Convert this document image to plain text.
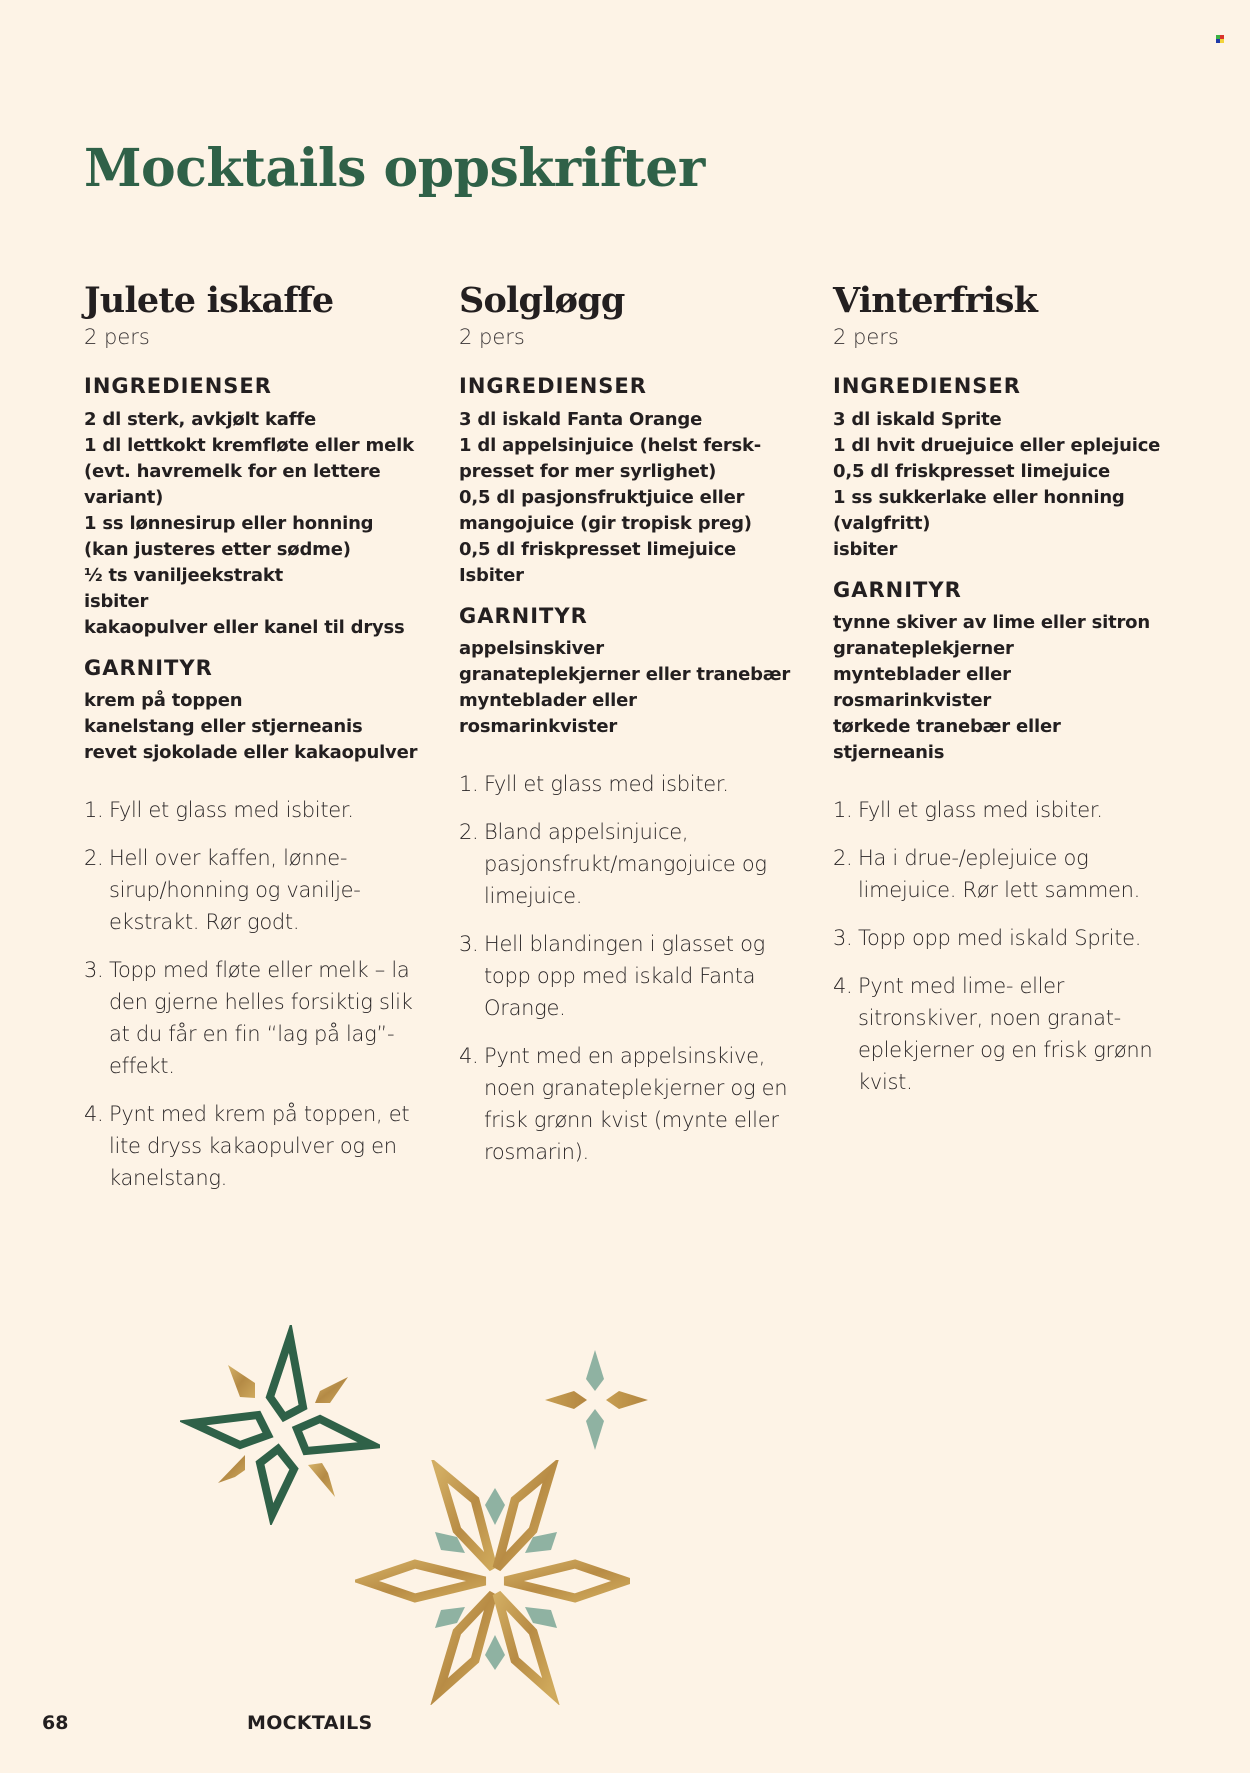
Mocktails oppskrifter
Julete iskaffe
2 pers
INGREDIENSER
2 dl sterk, avkjølt kaffe
1 dl lettkokt kremfløte eller melk
(evt. havremelk for en lettere
variant)
1 ss lønnesirup eller honning
(kan justeres etter sødme)
½ ts vaniljeekstrakt
isbiter
kakaopulver eller kanel til dryss
GARNITYR
krem på toppen
kanelstang eller stjerneanis
revet sjokolade eller kakaopulver
1. Fyll et glass med isbiter.
2. Hell over kaffen, lønne-sirup/honning og vanilje-ekstrakt. Rør godt.
3. Topp med fløte eller melk – la den gjerne helles forsiktig slik at du får en fin “lag på lag”-effekt.
4. Pynt med krem på toppen, et lite dryss kakaopulver og en kanelstang.
Solgløgg
2 pers
INGREDIENSER
3 dl iskald Fanta Orange
1 dl appelsinjuice (helst fersk-
presset for mer syrlighet)
0,5 dl pasjonsfruktjuice eller
mangojuice (gir tropisk preg)
0,5 dl friskpresset limejuice
Isbiter
GARNITYR
appelsinskiver
granateplekjerner eller tranebær
mynteblader eller
rosmarinkvister
1. Fyll et glass med isbiter.
2. Bland appelsinjuice, pasjonsfrukt/mangojuice og limejuice.
3. Hell blandingen i glasset og topp opp med iskald Fanta Orange.
4. Pynt med en appelsinskive, noen granateplekjerner og en frisk grønn kvist (mynte eller rosmarin).
Vinterfrisk
2 pers
INGREDIENSER
3 dl iskald Sprite
1 dl hvit druejuice eller eplejuice
0,5 dl friskpresset limejuice
1 ss sukkerlake eller honning
(valgfritt)
isbiter
GARNITYR
tynne skiver av lime eller sitron
granateplekjerner
mynteblader eller
rosmarinkvister
tørkede tranebær eller
stjerneanis
1. Fyll et glass med isbiter.
2. Ha i drue-/eplejuice og limejuice. Rør lett sammen.
3. Topp opp med iskald Sprite.
4. Pynt med lime- eller sitronskiver, noen granat-eplekjerner og en frisk grønn kvist.
68	MOCKTAILS
